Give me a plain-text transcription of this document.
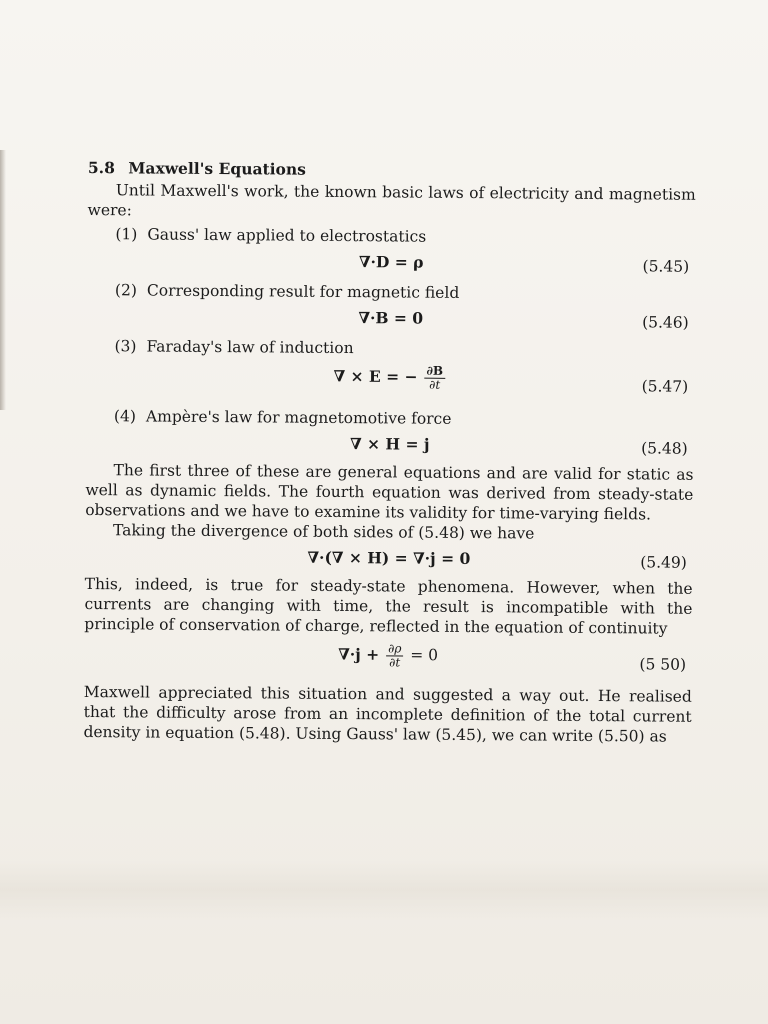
5.8 Maxwell's Equations

Until Maxwell's work, the known basic laws of electricity and magnetism were:

(1) Gauss' law applied to electrostatics
∇·D = ρ	(5.45)
(2) Corresponding result for magnetic field
∇·B = 0	(5.46)
(3) Faraday's law of induction
∇ × E = − $\frac{\partial B}{\partial t}$	(5.47)
(4) Ampère's law for magnetomotive force
∇ × H = j	(5.48)

The first three of these are general equations and are valid for static as well as dynamic fields. The fourth equation was derived from steady-state observations and we have to examine its validity for time-varying fields.

Taking the divergence of both sides of (5.48) we have

∇·(∇ × H) = ∇·j = 0	(5.49)

This, indeed, is true for steady-state phenomena. However, when the currents are changing with time, the result is incompatible with the principle of conservation of charge, reflected in the equation of continuity

$\nabla\cdot j + \frac{\partial\rho}{\partial t} = 0$
(5 50)

Maxwell appreciated this situation and suggested a way out. He realised that the difficulty arose from an incomplete definition of the total current density in equation (5.48). Using Gauss' law (5.45), we can write (5.50) as
